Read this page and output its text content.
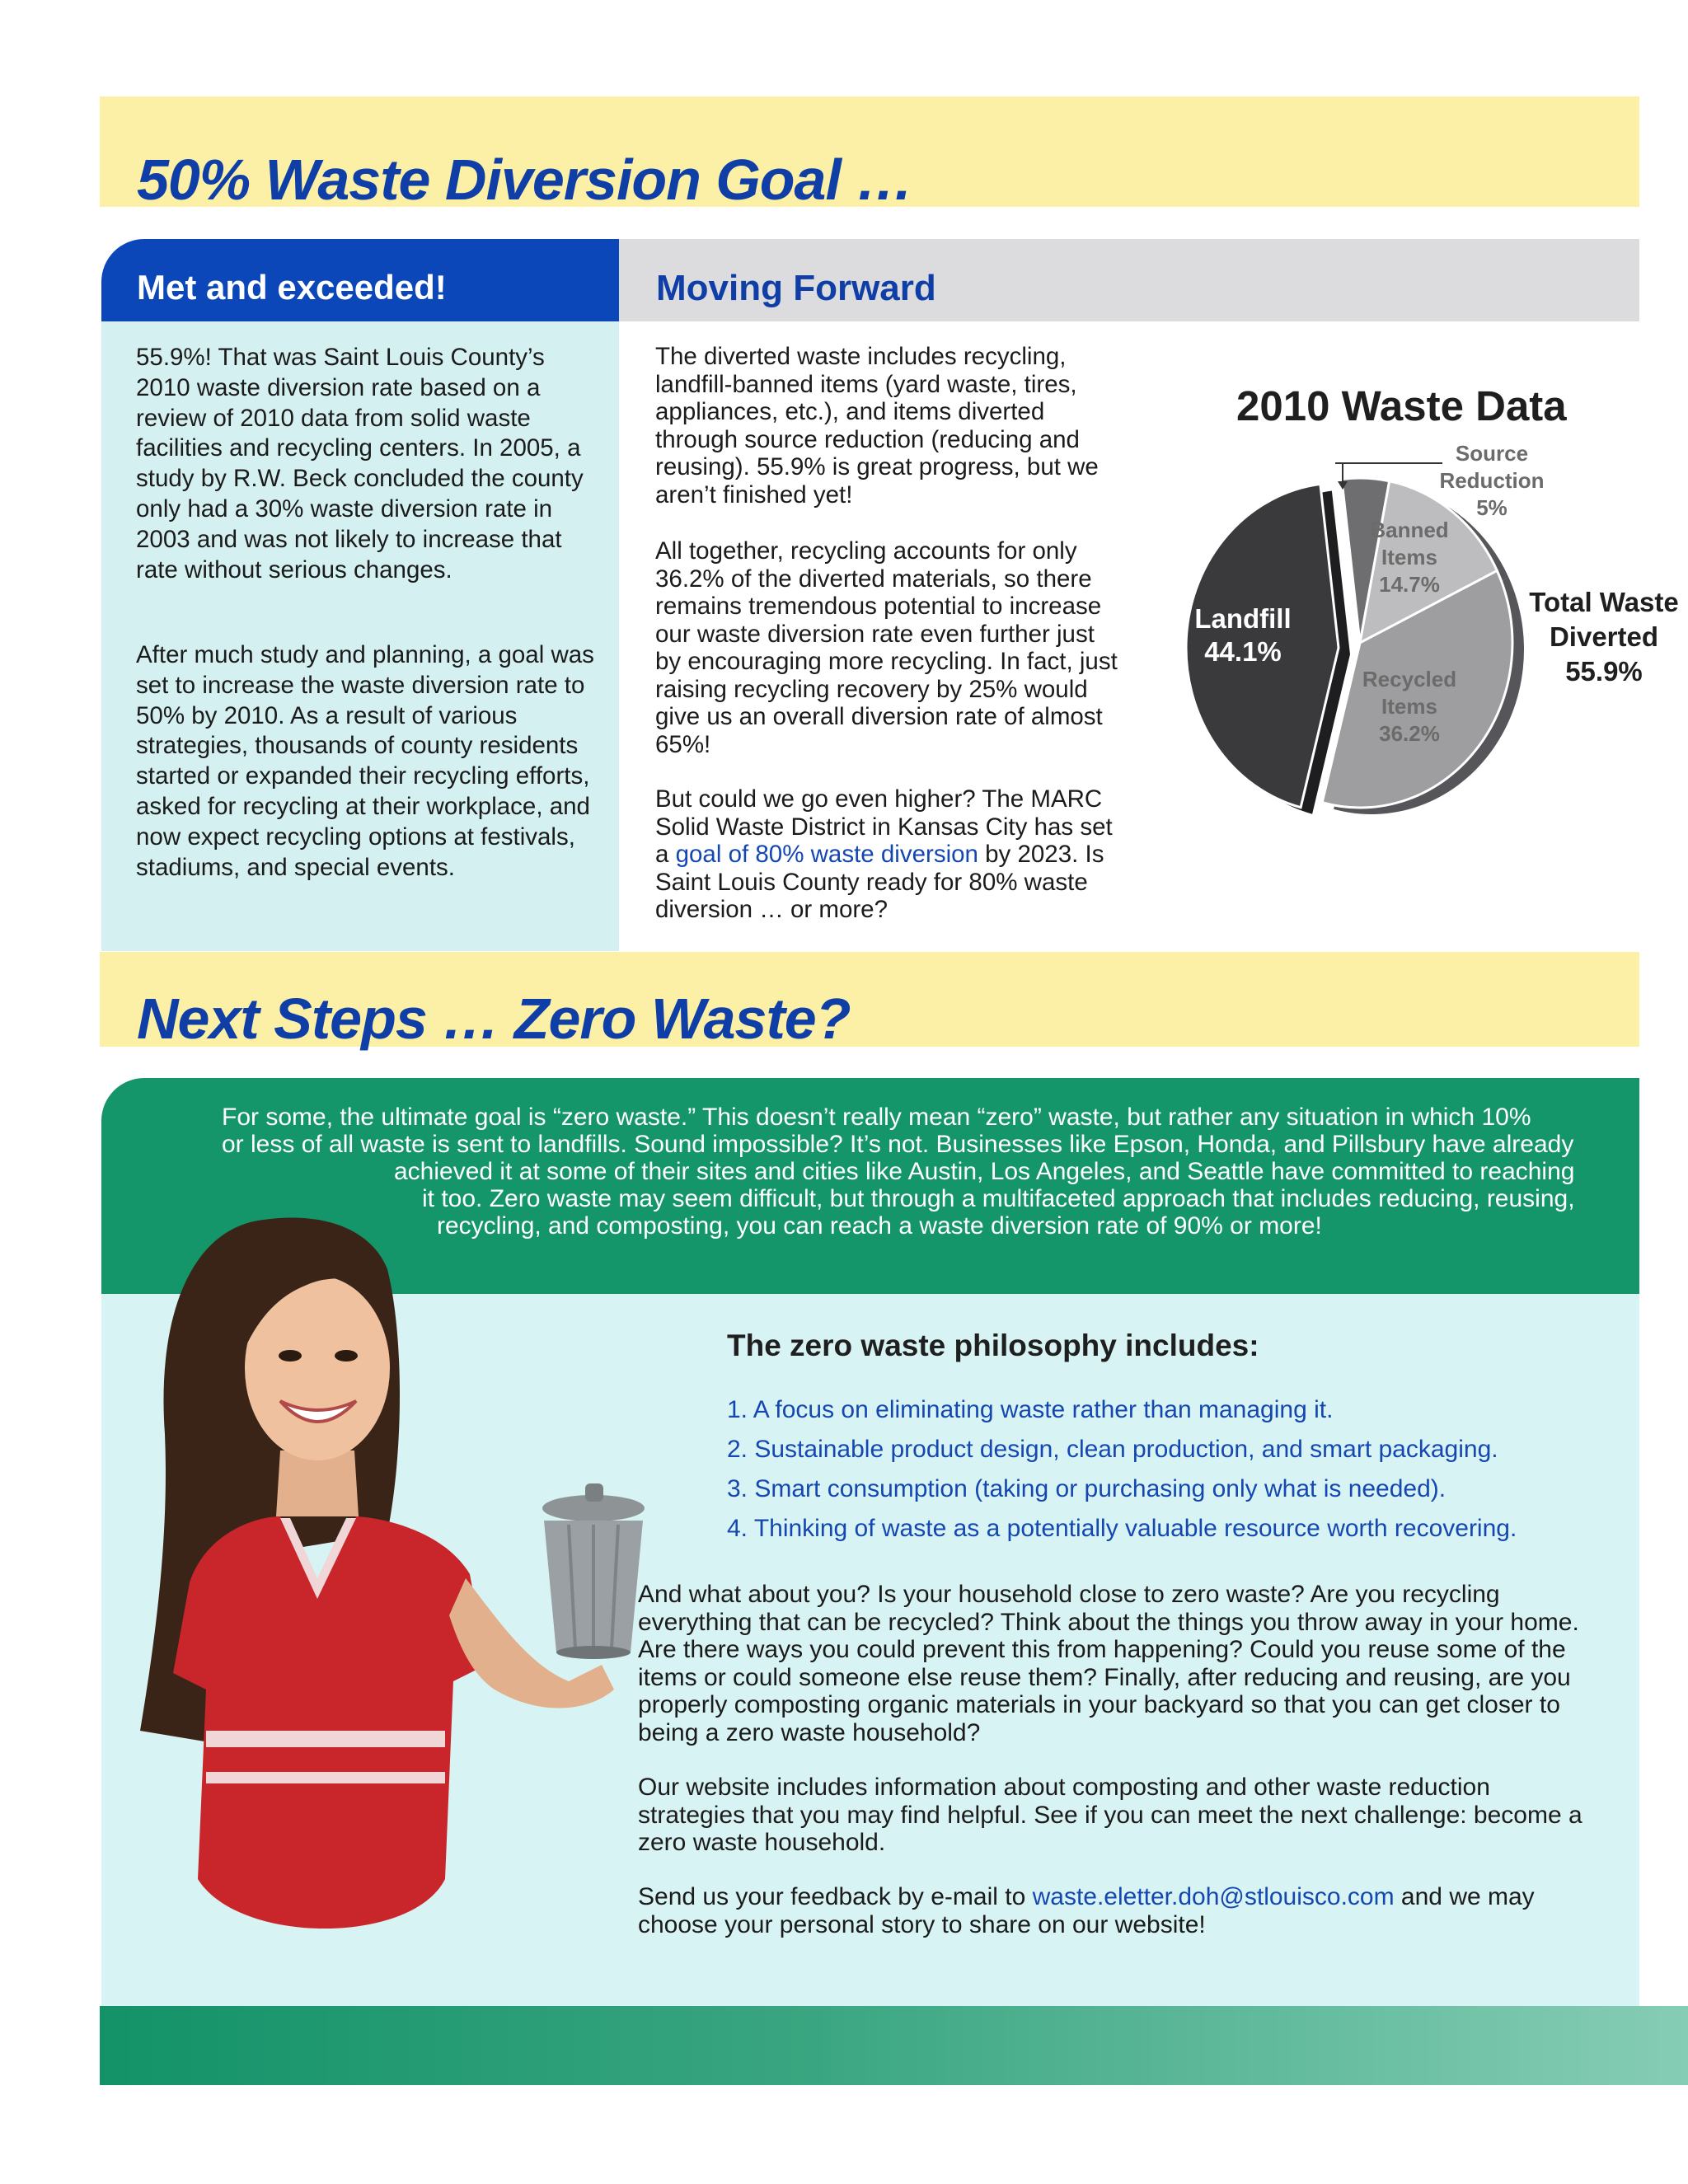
50% Waste Diversion Goal …
Met and exceeded!	Moving Forward

55.9%! That was Saint Louis County’s 2010 waste diversion rate based on a review of 2010 data from solid waste facilities and recycling centers. In 2005, a study by R.W. Beck concluded the county only had a 30% waste diversion rate in 2003 and was not likely to increase that rate without serious changes.

After much study and planning, a goal was set to increase the waste diversion rate to 50% by 2010. As a result of various strategies, thousands of county residents started or expanded their recycling efforts, asked for recycling at their workplace, and now expect recycling options at festivals, stadiums, and special events.

The diverted waste includes recycling, landfill-banned items (yard waste, tires, appliances, etc.), and items diverted through source reduction (reducing and reusing). 55.9% is great progress, but we aren’t finished yet!

All together, recycling accounts for only 36.2% of the diverted materials, so there remains tremendous potential to increase our waste diversion rate even further just by encouraging more recycling. In fact, just raising recycling recovery by 25% would give us an overall diversion rate of almost 65%!

But could we go even higher? The MARC Solid Waste District in Kansas City has set a goal of 80% waste diversion by 2023. Is Saint Louis County ready for 80% waste diversion … or more?

2010 Waste Data
Landfill
44.1%
Source
Reduction
5%
Banned
Items
14.7%
Recycled
Items
36.2%
Total Waste
Diverted
55.9%
Next Steps … Zero Waste?
For some, the ultimate goal is “zero waste.” This doesn’t really mean “zero” waste, but rather any situation in which 10%
or less of all waste is sent to landfills. Sound impossible? It’s not. Businesses like Epson, Honda, and Pillsbury have already
achieved it at some of their sites and cities like Austin, Los Angeles, and Seattle have committed to reaching
it too. Zero waste may seem difficult, but through a multifaceted approach that includes reducing, reusing,
recycling, and composting, you can reach a waste diversion rate of 90% or more!
The zero waste philosophy includes:
1. A focus on eliminating waste rather than managing it.
2. Sustainable product design, clean production, and smart packaging.
3. Smart consumption (taking or purchasing only what is needed).
4. Thinking of waste as a potentially valuable resource worth recovering.

And what about you? Is your household close to zero waste? Are you recycling everything that can be recycled? Think about the things you throw away in your home. Are there ways you could prevent this from happening? Could you reuse some of the items or could someone else reuse them? Finally, after reducing and reusing, are you properly composting organic materials in your backyard so that you can get closer to being a zero waste household?

Our website includes information about composting and other waste reduction strategies that you may find helpful. See if you can meet the next challenge: become a zero waste household.

Send us your feedback by e-mail to waste.eletter.doh@stlouisco.com and we may choose your personal story to share on our website!
